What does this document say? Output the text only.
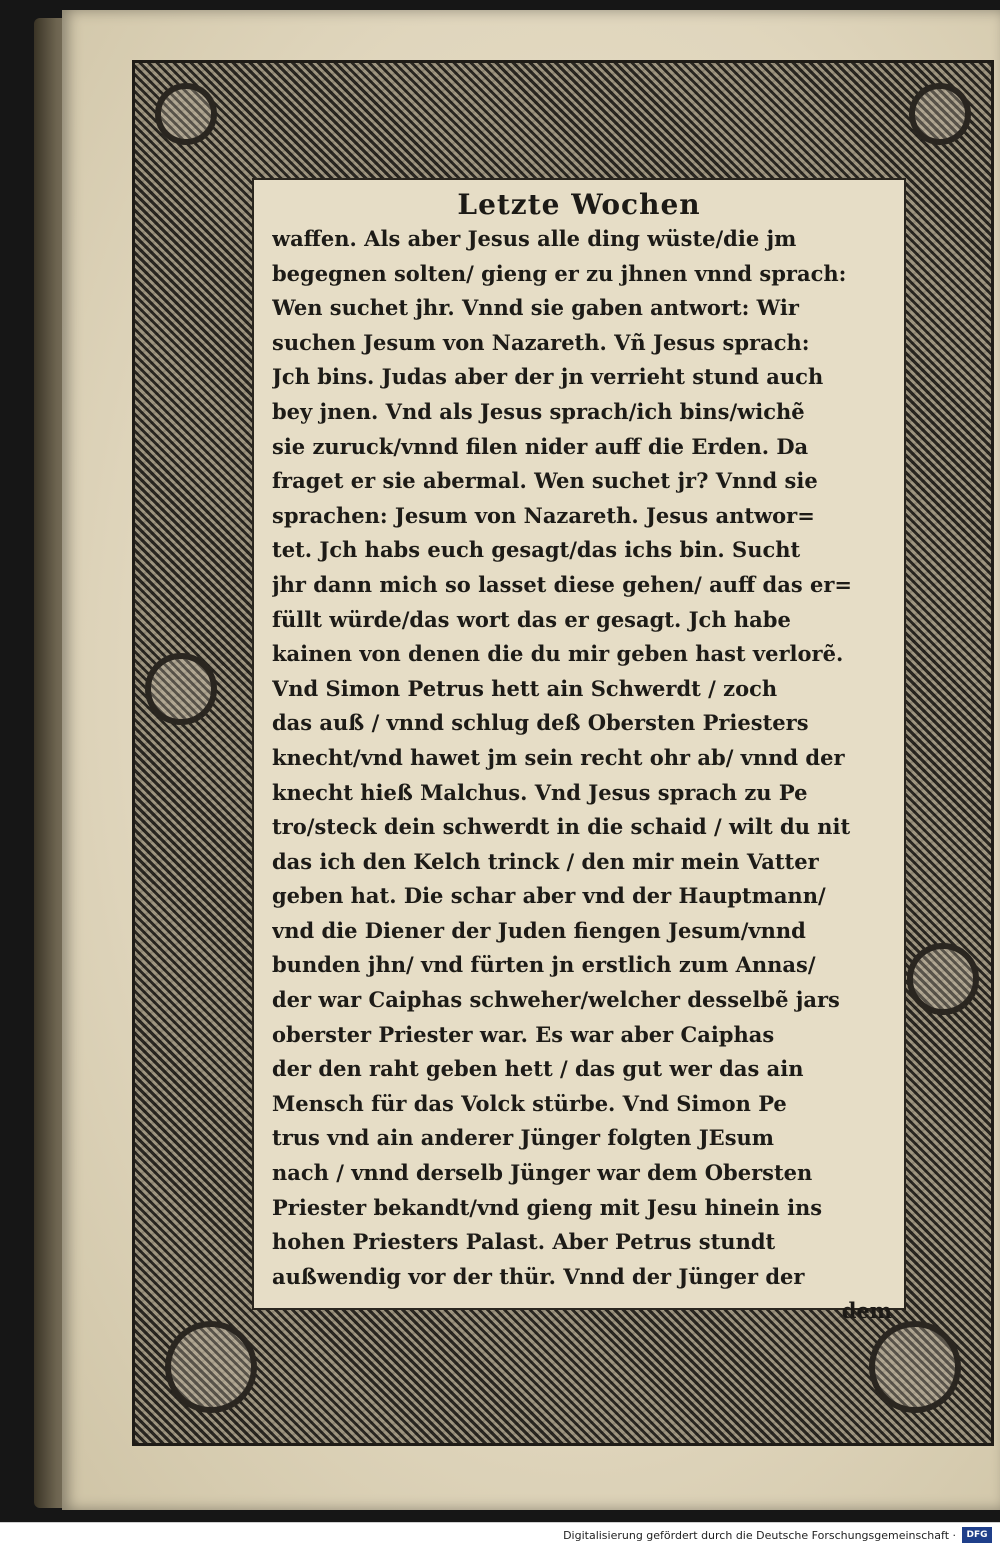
Letzte Wochen
waffen. Als aber Jesus alle ding wüste/die jm
begegnen solten/ gieng er zu jhnen vnnd sprach:
Wen suchet jhr. Vnnd sie gaben antwort: Wir
suchen Jesum von Nazareth. Vñ Jesus sprach:
Jch bins. Judas aber der jn verrieht stund auch
bey jnen. Vnd als Jesus sprach/ich bins/wichẽ
sie zuruck/vnnd filen nider auff die Erden. Da
fraget er sie abermal. Wen suchet jr? Vnnd sie
sprachen: Jesum von Nazareth. Jesus antwor=
tet. Jch habs euch gesagt/das ichs bin. Sucht
jhr dann mich so lasset diese gehen/ auff das er=
füllt würde/das wort das er gesagt. Jch habe
kainen von denen die du mir geben hast verlorẽ.
Vnd Simon Petrus hett ain Schwerdt / zoch
das auß / vnnd schlug deß Obersten Priesters
knecht/vnd hawet jm sein recht ohr ab/ vnnd der
knecht hieß Malchus. Vnd Jesus sprach zu Pe
tro/steck dein schwerdt in die schaid / wilt du nit
das ich den Kelch trinck / den mir mein Vatter
geben hat. Die schar aber vnd der Hauptmann/
vnd die Diener der Juden fiengen Jesum/vnnd
bunden jhn/ vnd fürten jn erstlich zum Annas/
der war Caiphas schweher/welcher desselbẽ jars
oberster Priester war. Es war aber Caiphas
der den raht geben hett / das gut wer das ain
Mensch für das Volck stürbe. Vnd Simon Pe
trus vnd ain anderer Jünger folgten JEsum
nach / vnnd derselb Jünger war dem Obersten
Priester bekandt/vnd gieng mit Jesu hinein ins
hohen Priesters Palast. Aber Petrus stundt
außwendig vor der thür. Vnnd der Jünger der
dem
Digitalisierung gefördert durch die Deutsche Forschungsgemeinschaft ·	DFG
